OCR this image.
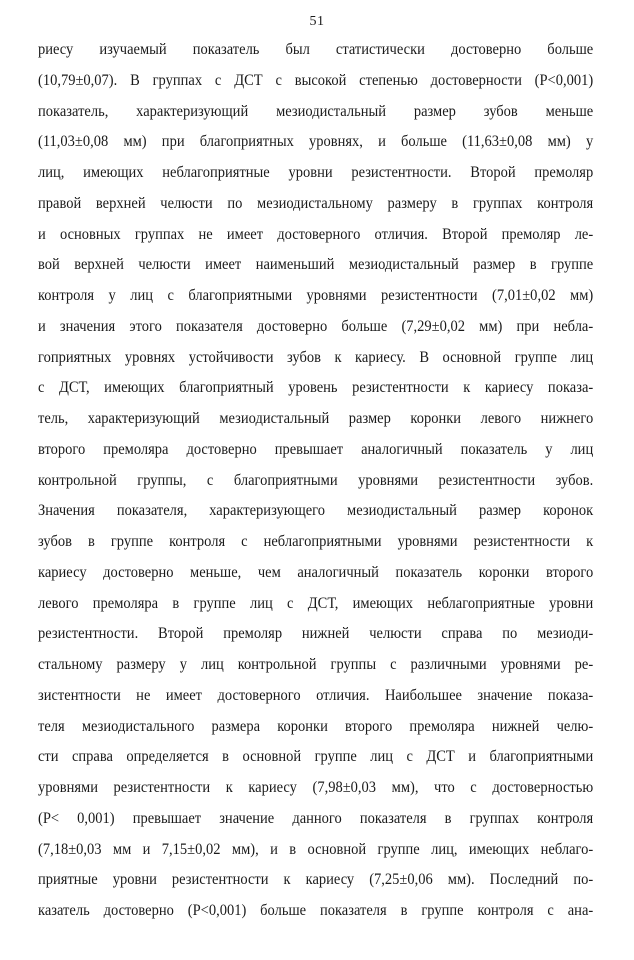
51
риесу изучаемый показатель был статистически достоверно больше
(10,79±0,07). В группах с ДСТ с высокой степенью достоверности (Р<0,001)
показатель, характеризующий мезиодистальный размер зубов меньше
(11,03±0,08 мм) при благоприятных уровнях, и больше (11,63±0,08 мм) у
лиц, имеющих неблагоприятные уровни резистентности. Второй премоляр
правой верхней челюсти по мезиодистальному размеру в группах контроля
и основных группах не имеет достоверного отличия. Второй премоляр ле-
вой верхней челюсти имеет наименьший мезиодистальный размер в группе
контроля у лиц с благоприятными уровнями резистентности (7,01±0,02 мм)
и значения этого показателя достоверно больше (7,29±0,02 мм) при небла-
гоприятных уровнях устойчивости зубов к кариесу. В основной группе лиц
с ДСТ, имеющих благоприятный уровень резистентности к кариесу показа-
тель, характеризующий мезиодистальный размер коронки левого нижнего
второго премоляра достоверно превышает аналогичный показатель у лиц
контрольной группы, с благоприятными уровнями резистентности зубов.
Значения показателя, характеризующего мезиодистальный размер коронок
зубов в группе контроля с неблагоприятными уровнями резистентности к
кариесу достоверно меньше, чем аналогичный показатель коронки второго
левого премоляра в группе лиц с ДСТ, имеющих неблагоприятные уровни
резистентности. Второй премоляр нижней челюсти справа по мезиоди-
стальному размеру у лиц контрольной группы с различными уровнями ре-
зистентности не имеет достоверного отличия. Наибольшее значение показа-
теля мезиодистального размера коронки второго премоляра нижней челю-
сти справа определяется в основной группе лиц с ДСТ и благоприятными
уровнями резистентности к кариесу (7,98±0,03 мм), что с достоверностью
(Р< 0,001) превышает значение данного показателя в группах контроля
(7,18±0,03 мм и 7,15±0,02 мм), и в основной группе лиц, имеющих неблаго-
приятные уровни резистентности к кариесу (7,25±0,06 мм). Последний по-
казатель достоверно (Р<0,001) больше показателя в группе контроля с ана-
